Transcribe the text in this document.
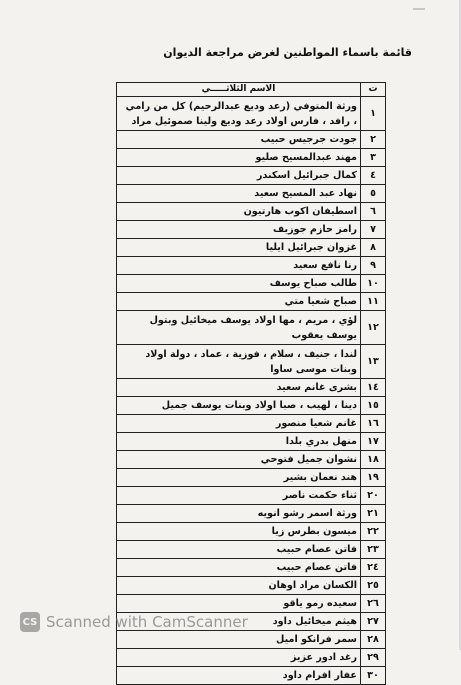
قائمة باسماء المواطنين لغرض مراجعة الديوان
ت	الاسم الثلاثـــــي
١	ورثة المتوفي (رعد وديع عبدالرحيم) كل من رامي ، رافد ، فارس اولاد رعد وديع ولينا صموئيل مراد
٢	جودت جرجيس حبيب
٣	مهند عبدالمسيح صليو
٤	كمال جبرائيل اسكندر
٥	نهاد عبد المسيح سعيد
٦	اسطيفان اكوب هارتيون
٧	رامز حازم جوزيف
٨	غزوان جبرائيل ايليا
٩	رنا نافع سعيد
١٠	طالب صباح يوسف
١١	صباح شعيا متي
١٢	لؤي ، مريم ، مها اولاد يوسف ميخائيل وبتول يوسف يعقوب
١٣	لندا ، جنيف ، سلام ، فوزية ، عماد ، دولة اولاد وبنات موسى ساوا
١٤	بشرى غانم سعيد
١٥	دينا ، لهيب ، صبا اولاد وبنات يوسف جميل
١٦	غانم شعيا منصور
١٧	منهل بدري بلدا
١٨	نشوان جميل فتوحي
١٩	هند نعمان بشير
٢٠	ثناء حكمت ناصر
٢١	ورثة اسمر رشو انويه
٢٢	ميسون بطرس زيا
٢٣	فاتن عصام حبيب
٢٤	فاتن عصام حبيب
٢٥	الكسان مراد اوهان
٢٦	سعيده رمو ياقو
٢٧	هيثم ميخائيل داود
٢٨	سمر فرانكو اميل
٢٩	رغد ادور عزيز
٣٠	عفار افرام داود
CS Scanned with CamScanner
